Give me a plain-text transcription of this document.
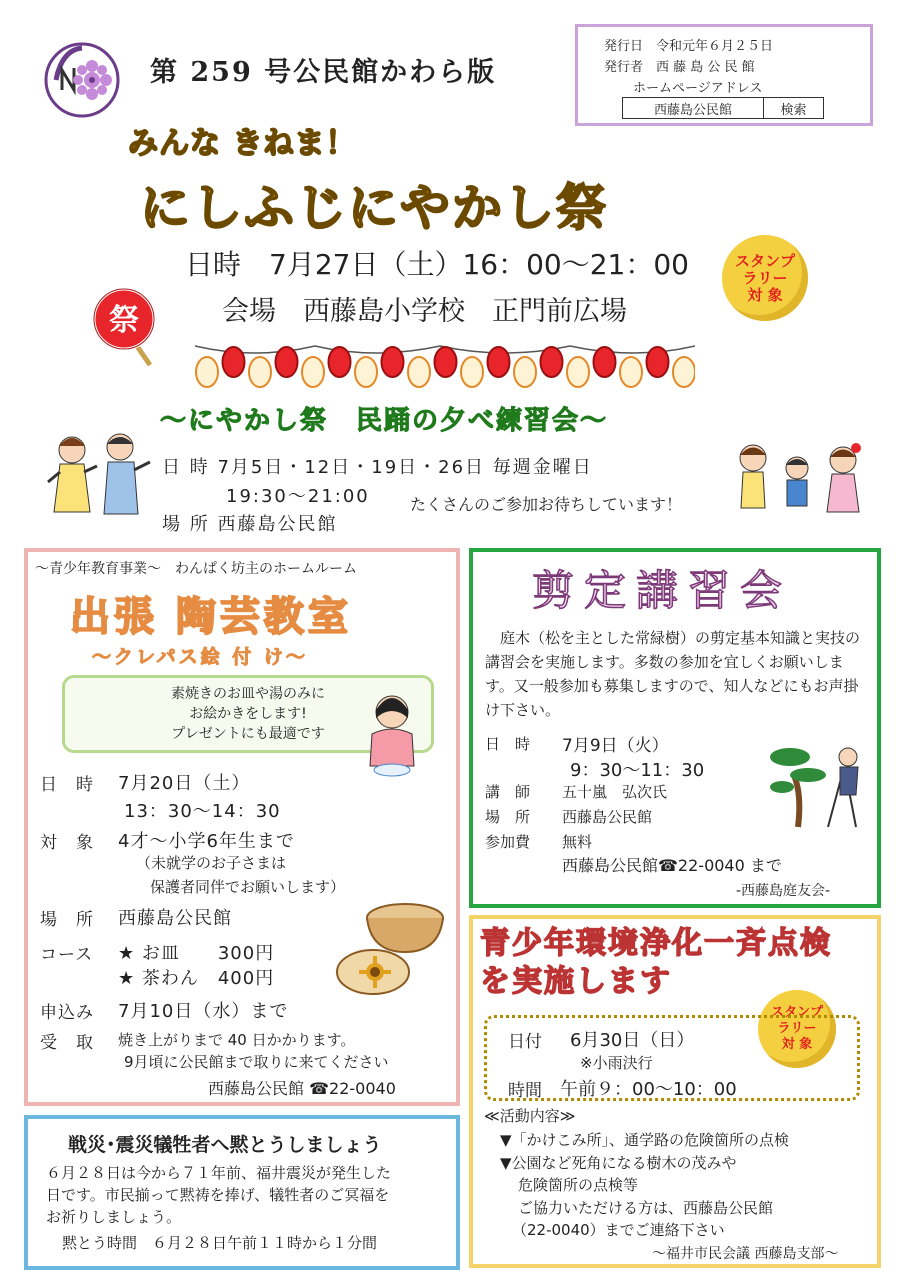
第 259 号公民館かわら版
発行日　令和元年６月２５日
発行者　西 藤 島 公 民 館
ホームページアドレス
西藤島公民館	検索
みんな きねま！
にしふじにやかし祭
日時　7月27日（土）16：00～21：00
会場　西藤島小学校　正門前広場
スタンプ
ラリー
対 象
祭
～にやかし祭　民踊の夕べ練習会～
日 時 7月5日・12日・19日・26日 毎週金曜日
19:30～21:00
場 所 西藤島公民館
たくさんのご参加お待ちしています！
～青少年教育事業～　わんぱく坊主のホームルーム
出張 陶芸教室
～クレパス絵 付 け～
素焼きのお皿や湯のみに
お絵かきをします!
プレゼントにも最適です
日　時 7月20日（土）
13：30～14：30
対　象 4才～小学6年生まで
（未就学のお子さまは
保護者同伴でお願いします）
場　所 西藤島公民館
コース ★ お皿　　300円
★ 茶わん　400円
申込み 7月10日（水）まで
受　取 焼き上がりまで 40 日かかります。
9月頃に公民館まで取りに来てください
西藤島公民館 ☎22-0040
剪定講習会
　庭木（松を主とした常緑樹）の剪定基本知識と実技の講習会を実施します。多数の参加を宜しくお願いします。又一般参加も募集しますので、知人などにもお声掛け下さい。
日　時 7月9日（火）
9：30～11：30
講　師 五十嵐　弘次氏
場　所 西藤島公民館
参加費 無料
西藤島公民館☎22-0040 まで
-西藤島庭友会-
青少年環境浄化一斉点検
を実施します
スタンプ
ラリー
対 象
日付 6月30日（日）
※小雨決行
時間 午前９：00～10：00
≪活動内容≫
▼「かけこみ所」、通学路の危険箇所の点検
▼公園など死角になる樹木の茂みや
危険箇所の点検等
ご協力いただける方は、西藤島公民館
（22-0040）までご連絡下さい
～福井市民会議 西藤島支部～
戦災･震災犠牲者へ黙とうしましょう
６月２８日は今から７１年前、福井震災が発生した
日です。市民揃って黙祷を捧げ、犠牲者のご冥福を
お祈りしましょう。
黙とう時間　６月２８日午前１１時から１分間
